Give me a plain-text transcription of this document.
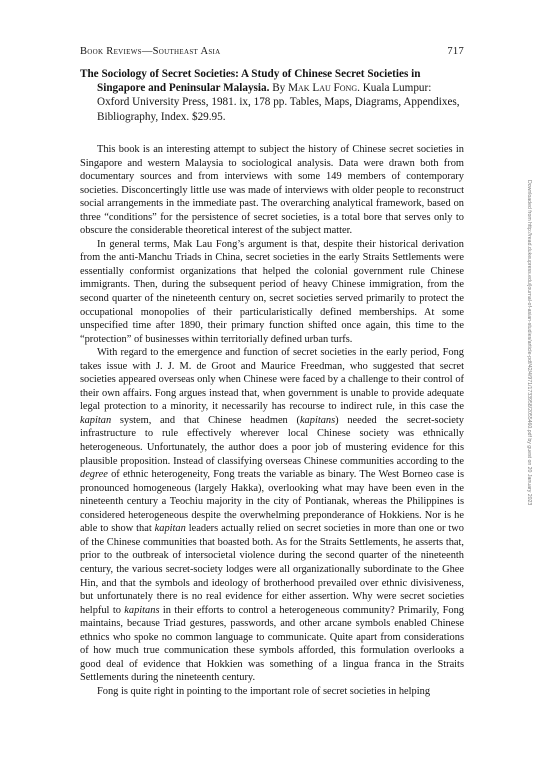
Book Reviews—Southeast Asia	717

The Sociology of Secret Societies: A Study of Chinese Secret Societies in Singapore and Peninsular Malaysia. By Mak Lau Fong. Kuala Lumpur: Oxford University Press, 1981. ix, 178 pp. Tables, Maps, Diagrams, Appendixes, Bibliography, Index. $29.95.

This book is an interesting attempt to subject the history of Chinese secret societies in Singapore and western Malaysia to sociological analysis. Data were drawn both from documentary sources and from interviews with some 149 members of contemporary societies. Disconcertingly little use was made of interviews with older people to reconstruct social arrangements in the immediate past. The overarching analytical framework, based on three “conditions” for the persistence of secret societies, is a total bore that serves only to obscure the considerable theoretical interest of the subject matter.

In general terms, Mak Lau Fong’s argument is that, despite their historical derivation from the anti-Manchu Triads in China, secret societies in the early Straits Settlements were essentially conformist organizations that helped the colonial government rule Chinese immigrants. Then, during the subsequent period of heavy Chinese immigration, from the second quarter of the nineteenth century on, secret societies served primarily to protect the occupational monopolies of their particularistically defined memberships. At some unspecified time after 1890, their primary function shifted once again, this time to the “protection” of businesses within territorially defined urban turfs.

With regard to the emergence and function of secret societies in the early period, Fong takes issue with J. J. M. de Groot and Maurice Freedman, who suggested that secret societies appeared overseas only when Chinese were faced by a challenge to their control of their own affairs. Fong argues instead that, when government is unable to provide adequate legal protection to a minority, it necessarily has recourse to indirect rule, in this case the kapitan system, and that Chinese headmen (kapitans) needed the secret-society infrastructure to rule effectively wherever local Chinese society was ethnically heterogeneous. Unfortunately, the author does a poor job of mustering evidence for this plausible proposition. Instead of classifying overseas Chinese communities according to the degree of ethnic heterogeneity, Fong treats the variable as binary. The West Borneo case is pronounced homogeneous (largely Hakka), overlooking what may have been even in the nineteenth century a Teochiu majority in the city of Pontianak, whereas the Philippines is considered heterogeneous despite the overwhelming preponderance of Hokkiens. Nor is he able to show that kapitan leaders actually relied on secret societies in more than one or two of the Chinese communities that boasted both. As for the Straits Settlements, he asserts that, prior to the outbreak of intersocietal violence during the second quarter of the nineteenth century, the various secret-society lodges were all organizationally subordinate to the Ghee Hin, and that the symbols and ideology of brotherhood prevailed over ethnic divisiveness, but unfortunately there is no real evidence for either assertion. Why were secret societies helpful to kapitans in their efforts to control a heterogeneous community? Primarily, Fong maintains, because Triad gestures, passwords, and other arcane symbols enabled Chinese ethnics who spoke no common language to communicate. Quite apart from considerations of how much true communication these symbols afforded, this formulation overlooks a good deal of evidence that Hokkien was something of a lingua franca in the Straits Settlements during the nineteenth century.

Fong is quite right in pointing to the important role of secret societies in helping

Downloaded from http://read.dukeupress.edu/journal-of-asian-studies/article-pdf/42/4/971/1733958/2055460.pdf by guest on 20 January 2023
